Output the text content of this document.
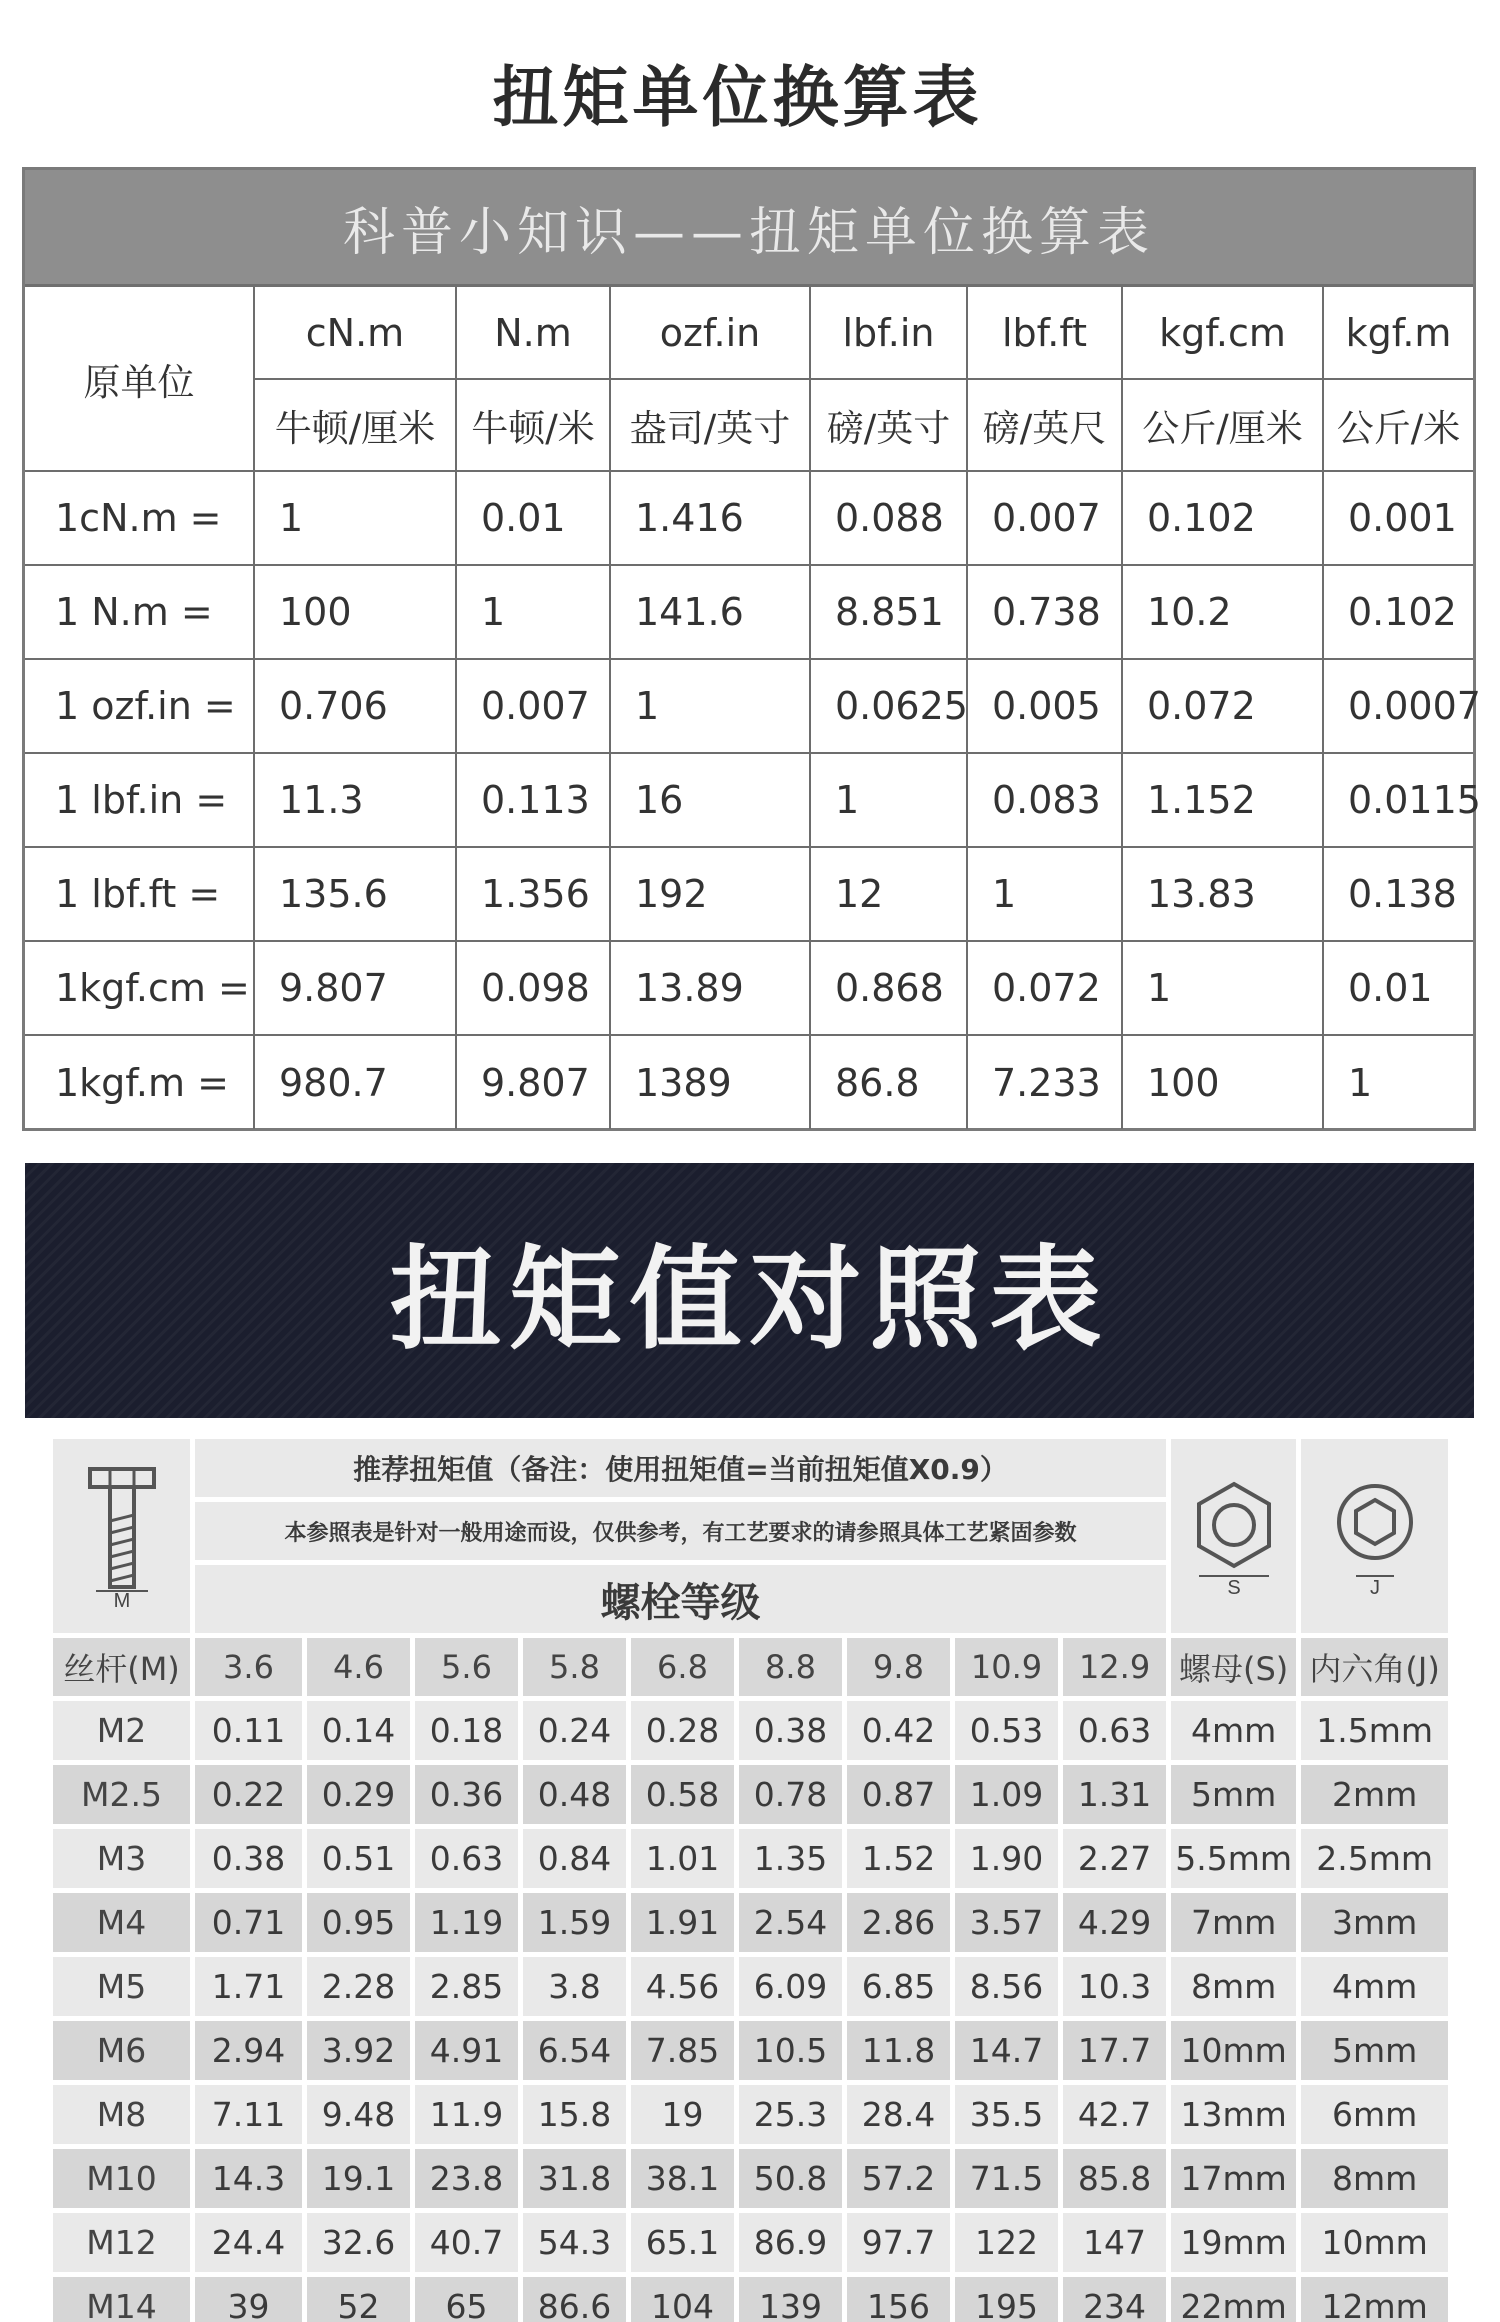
扭矩单位换算表
科普小知识——扭矩单位换算表
原单位	cN.m	N.m	ozf.in	lbf.in	lbf.ft	kgf.cm	kgf.m
	牛顿/厘米	牛顿/米	盎司/英寸	磅/英寸	磅/英尺	公斤/厘米	公斤/米
1cN.m =	1	0.01	1.416	0.088	0.007	0.102	0.001
1 N.m =	100	1	141.6	8.851	0.738	10.2	0.102
1 ozf.in =	0.706	0.007	1	0.0625	0.005	0.072	0.0007
1 lbf.in =	11.3	0.113	16	1	0.083	1.152	0.0115
1 lbf.ft =	135.6	1.356	192	12	1	13.83	0.138
1kgf.cm =	9.807	0.098	13.89	0.868	0.072	1	0.01
1kgf.m =	980.7	9.807	1389	86.8	7.233	100	1
扭矩值对照表
M	推荐扭矩值（备注：使用扭矩值=当前扭矩值X0.9）									S	J

	本参照表是针对一般用途而设，仅供参考，有工艺要求的请参照具体工艺紧固参数										
	螺栓等级										
丝杆(M)	3.6	4.6	5.6	5.8	6.8	8.8	9.8	10.9	12.9	螺母(S)	内六角(J)
M2	0.11	0.14	0.18	0.24	0.28	0.38	0.42	0.53	0.63	4mm	1.5mm
M2.5	0.22	0.29	0.36	0.48	0.58	0.78	0.87	1.09	1.31	5mm	2mm
M3	0.38	0.51	0.63	0.84	1.01	1.35	1.52	1.90	2.27	5.5mm	2.5mm
M4	0.71	0.95	1.19	1.59	1.91	2.54	2.86	3.57	4.29	7mm	3mm
M5	1.71	2.28	2.85	3.8	4.56	6.09	6.85	8.56	10.3	8mm	4mm
M6	2.94	3.92	4.91	6.54	7.85	10.5	11.8	14.7	17.7	10mm	5mm
M8	7.11	9.48	11.9	15.8	19	25.3	28.4	35.5	42.7	13mm	6mm
M10	14.3	19.1	23.8	31.8	38.1	50.8	57.2	71.5	85.8	17mm	8mm
M12	24.4	32.6	40.7	54.3	65.1	86.9	97.7	122	147	19mm	10mm
M14	39	52	65	86.6	104	139	156	195	234	22mm	12mm
